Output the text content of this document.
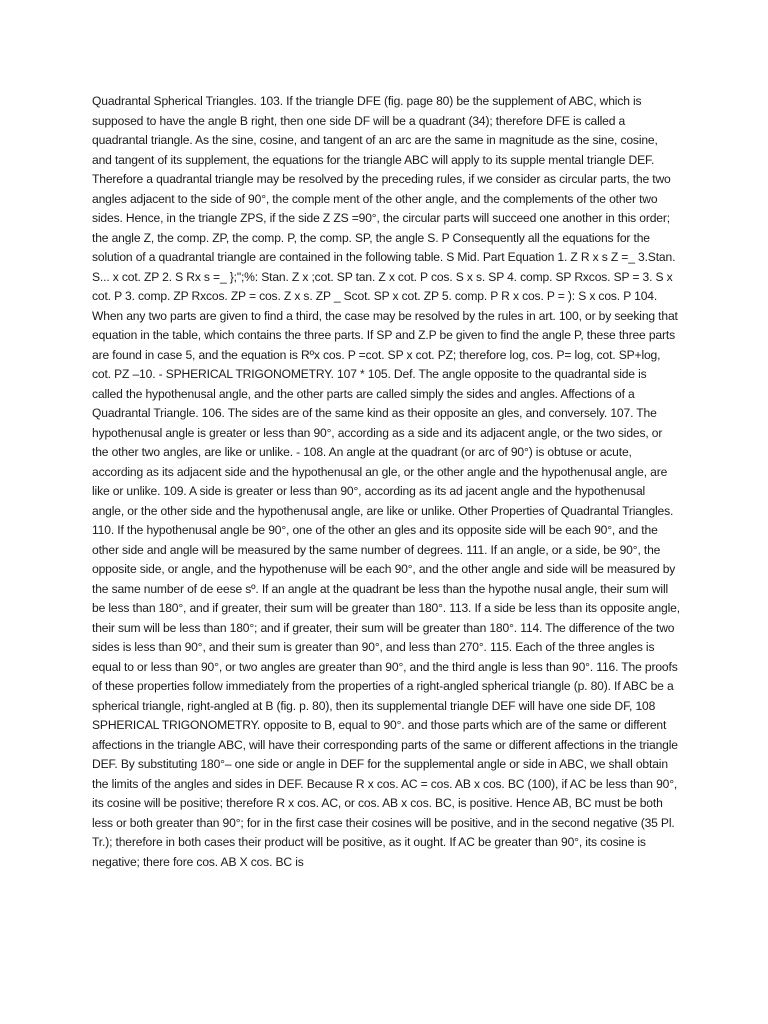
Quadrantal Spherical Triangles. 103. If the triangle DFE (fig. page 80) be the supplement of ABC, which is supposed to have the angle B right, then one side DF will be a quadrant (34); therefore DFE is called a quadrantal triangle. As the sine, cosine, and tangent of an arc are the same in magnitude as the sine, cosine, and tangent of its supplement, the equations for the triangle ABC will apply to its supple mental triangle DEF. Therefore a quadrantal triangle may be resolved by the preceding rules, if we consider as circular parts, the two angles adjacent to the side of 90°, the comple ment of the other angle, and the complements of the other two sides. Hence, in the triangle ZPS, if the side Z ZS =90°, the circular parts will succeed one another in this order; the angle Z, the comp. ZP, the comp. P, the comp. SP, the angle S. P Consequently all the equations for the solution of a quadrantal triangle are contained in the following table. S Mid. Part Equation 1. Z R x s Z =_ 3.Stan. S... x cot. ZP 2. S Rx s =_ };";%: Stan. Z x ;cot. SP tan. Z x cot. P cos. S x s. SP 4. comp. SP Rxcos. SP = 3. S x cot. P 3. comp. ZP Rxcos. ZP = cos. Z x s. ZP _ Scot. SP x cot. ZP 5. comp. P R x cos. P = ): S x cos. P 104. When any two parts are given to find a third, the case may be resolved by the rules in art. 100, or by seeking that equation in the table, which contains the three parts. If SP and Z.P be given to find the angle P, these three parts are found in case 5, and the equation is Rºx cos. P =cot. SP x cot. PZ; therefore log, cos. P= log, cot. SP+log, cot. PZ –10. - SPHERICAL TRIGONOMETRY. 107 * 105. Def. The angle opposite to the quadrantal side is called the hypothenusal angle, and the other parts are called simply the sides and angles. Affections of a Quadrantal Triangle. 106. The sides are of the same kind as their opposite an gles, and conversely. 107. The hypothenusal angle is greater or less than 90°, according as a side and its adjacent angle, or the two sides, or the other two angles, are like or unlike. - 108. An angle at the quadrant (or arc of 90°) is obtuse or acute, according as its adjacent side and the hypothenusal an gle, or the other angle and the hypothenusal angle, are like or unlike. 109. A side is greater or less than 90°, according as its ad jacent angle and the hypothenusal angle, or the other side and the hypothenusal angle, are like or unlike. Other Properties of Quadrantal Triangles. 110. If the hypothenusal angle be 90°, one of the other an gles and its opposite side will be each 90°, and the other side and angle will be measured by the same number of degrees. 111. If an angle, or a side, be 90°, the opposite side, or angle, and the hypothenuse will be each 90°, and the other angle and side will be measured by the same number of de eese sº. If an angle at the quadrant be less than the hypothe nusal angle, their sum will be less than 180°, and if greater, their sum will be greater than 180°. 113. If a side be less than its opposite angle, their sum will be less than 180°; and if greater, their sum will be greater than 180°. 114. The difference of the two sides is less than 90°, and their sum is greater than 90°, and less than 270°. 115. Each of the three angles is equal to or less than 90°, or two angles are greater than 90°, and the third angle is less than 90°. 116. The proofs of these properties follow immediately from the properties of a right-angled spherical triangle (p. 80). If ABC be a spherical triangle, right-angled at B (fig. p. 80), then its supplemental triangle DEF will have one side DF, 108 SPHERICAL TRIGONOMETRY. opposite to B, equal to 90°. and those parts which are of the same or different affections in the triangle ABC, will have their corresponding parts of the same or different affections in the triangle DEF. By substituting 180°– one side or angle in DEF for the supplemental angle or side in ABC, we shall obtain the limits of the angles and sides in DEF. Because R x cos. AC = cos. AB x cos. BC (100), if AC be less than 90°, its cosine will be positive; therefore R x cos. AC, or cos. AB x cos. BC, is positive. Hence AB, BC must be both less or both greater than 90°; for in the first case their cosines will be positive, and in the second negative (35 Pl. Tr.); therefore in both cases their product will be positive, as it ought. If AC be greater than 90°, its cosine is negative; there fore cos. AB X cos. BC is
